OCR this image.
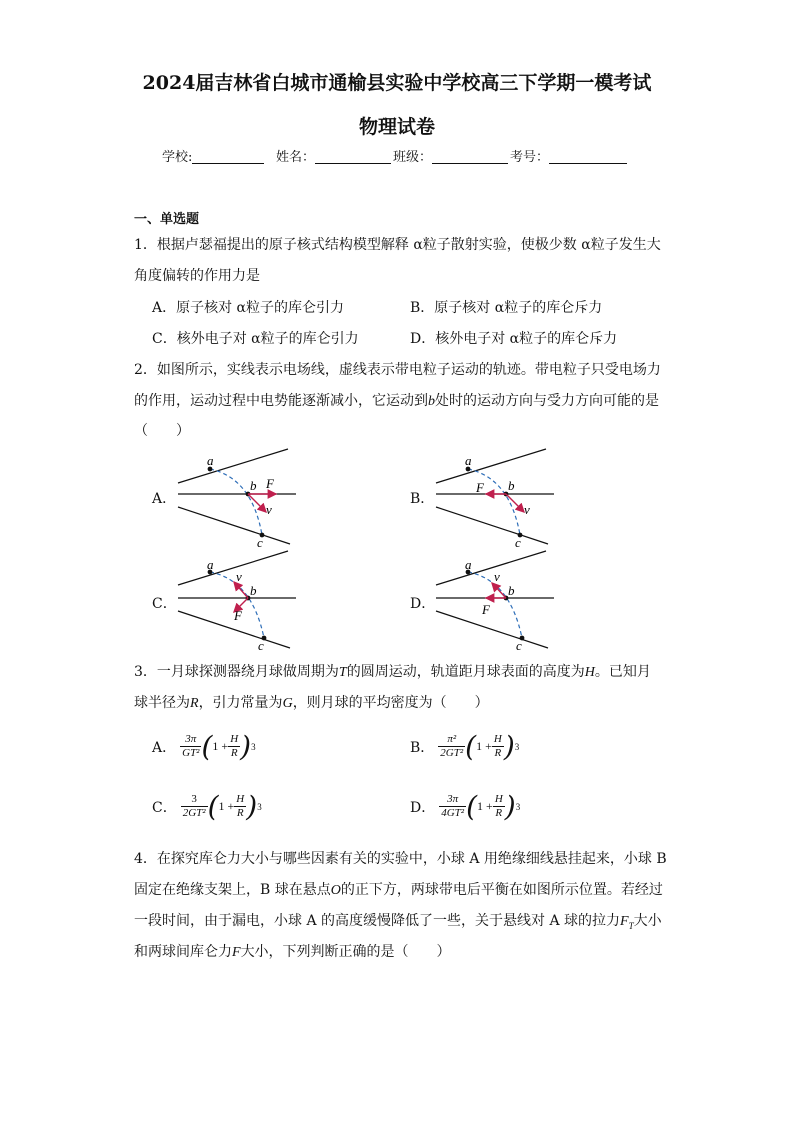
2024届吉林省白城市通榆县实验中学校高三下学期一模考试
物理试卷
学校:	姓名：	班级：	考号：
一、单选题
1．根据卢瑟福提出的原子核式结构模型解释 α粒子散射实验，使极少数 α粒子发生大
角度偏转的作用力是
A．原子核对 α粒子的库仑引力	B．原子核对 α粒子的库仑斥力
C．核外电子对 α粒子的库仑引力	D．核外电子对 α粒子的库仑斥力
2．如图所示，实线表示电场线，虚线表示带电粒子运动的轨迹。带电粒子只受电场力
的作用，运动过程中电势能逐渐减小，它运动到b处时的运动方向与受力方向可能的是
（　　）
A．	B．
C．	D．
a
b F
v
c
a
b
F
v
c
a
v
b
F
c
a
v
b
F
c
3．一月球探测器绕月球做周期为T的圆周运动，轨道距月球表面的高度为H。已知月
球半径为R，引力常量为G，则月球的平均密度为（　　）
A． $\frac{3\pi}{\text{GT²}}$ ( $1 + \frac{H}{R}$ ) 3	B． $\frac{\text{π²}}{\text{2GT²}}$ ( $1 + \frac{H}{R}$ ) 3
C． $\frac{3}{\text{2GT²}}$ ( $1 + \frac{H}{R}$ ) 3	D． $\frac{3\pi}{\text{4GT²}}$ ( $1 + \frac{H}{R}$ ) 3
4．在探究库仑力大小与哪些因素有关的实验中，小球 A 用绝缘细线悬挂起来，小球 B
固定在绝缘支架上，B 球在悬点O的正下方，两球带电后平衡在如图所示位置。若经过
一段时间，由于漏电，小球 A 的高度缓慢降低了一些，关于悬线对 A 球的拉力$F_T$大小
和两球间库仑力F大小，下列判断正确的是（　　）
